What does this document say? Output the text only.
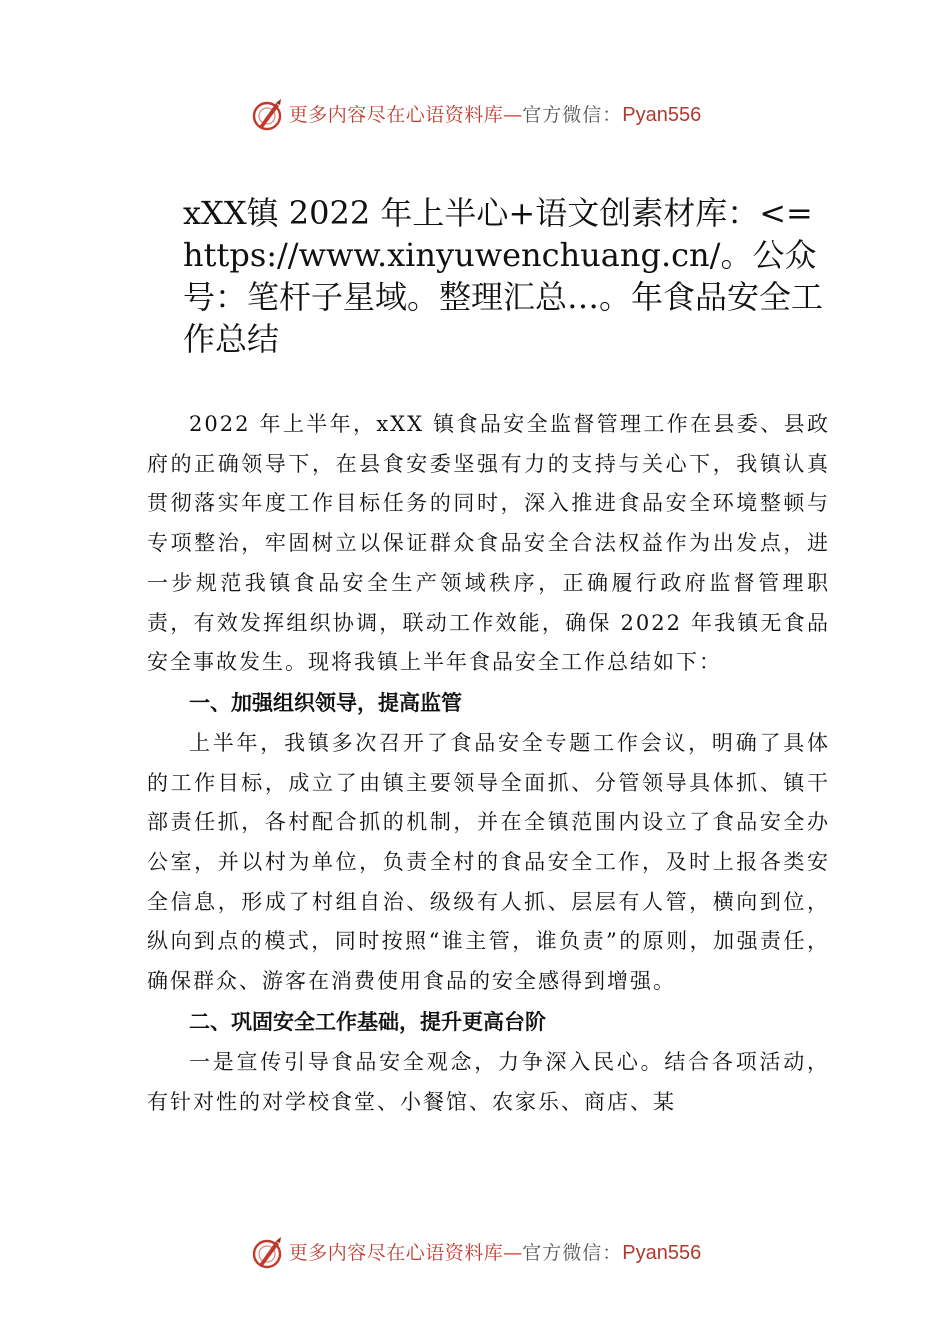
更多内容尽在心语资料库 — 官方微信： Pyan556
xXX镇 2022 年上半心+语文创素材库：<=https://www.xinyuwenchuang.cn/。公众号：笔杆子星域。整理汇总…。年食品安全工作总结

2022 年上半年，xXX 镇食品安全监督管理工作在县委、县政府的正确领导下，在县食安委坚强有力的支持与关心下，我镇认真贯彻落实年度工作目标任务的同时，深入推进食品安全环境整顿与专项整治，牢固树立以保证群众食品安全合法权益作为出发点，进一步规范我镇食品安全生产领域秩序，正确履行政府监督管理职责，有效发挥组织协调，联动工作效能，确保 2022 年我镇无食品安全事故发生。现将我镇上半年食品安全工作总结如下：

一、加强组织领导，提高监管

上半年，我镇多次召开了食品安全专题工作会议，明确了具体的工作目标，成立了由镇主要领导全面抓、分管领导具体抓、镇干部责任抓，各村配合抓的机制，并在全镇范围内设立了食品安全办公室，并以村为单位，负责全村的食品安全工作，及时上报各类安全信息，形成了村组自治、级级有人抓、层层有人管，横向到位，纵向到点的模式，同时按照“谁主管，谁负责”的原则，加强责任，确保群众、游客在消费使用食品的安全感得到增强。

二、巩固安全工作基础，提升更高台阶

一是宣传引导食品安全观念，力争深入民心。结合各项活动，有针对性的对学校食堂、小餐馆、农家乐、商店、某

更多内容尽在心语资料库 — 官方微信： Pyan556
